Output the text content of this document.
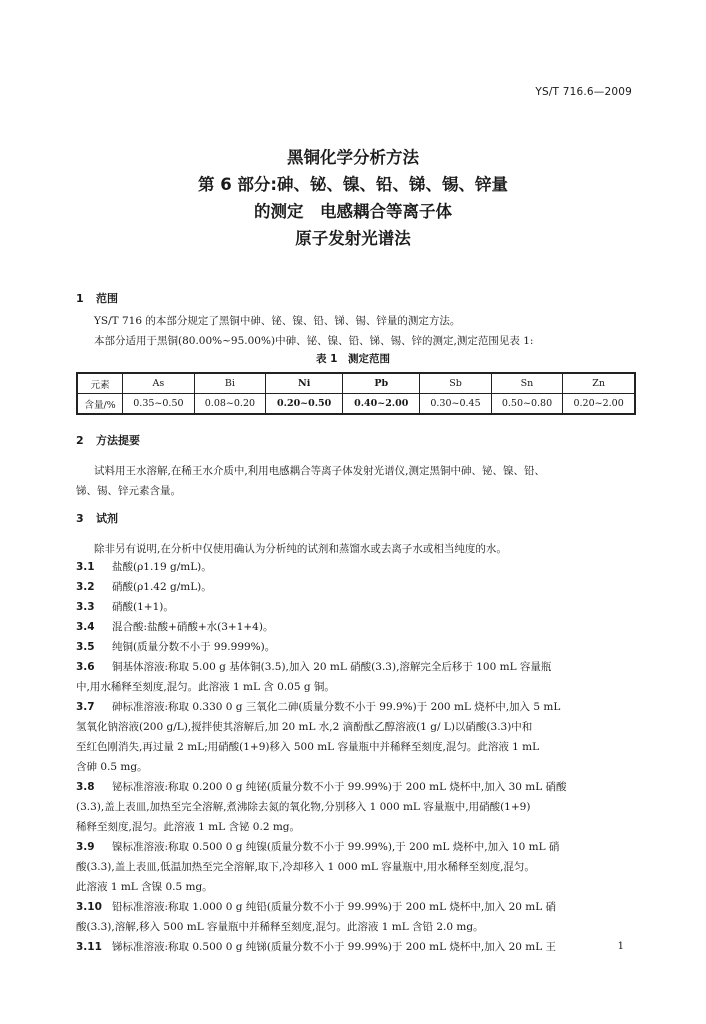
YS/T 716.6—2009
黑铜化学分析方法
第 6 部分:砷、铋、镍、铅、锑、锡、锌量
的测定　电感耦合等离子体
原子发射光谱法
1 范围
YS/T 716 的本部分规定了黑铜中砷、铋、镍、铅、锑、锡、锌量的测定方法。
本部分适用于黑铜(80.00%~95.00%)中砷、铋、镍、铅、锑、锡、锌的测定,测定范围见表 1:
表 1　测定范围
元素	As	Bi	Ni	Pb	Sb	Sn	Zn
含量/%	0.35~0.50	0.08~0.20	0.20~0.50	0.40~2.00	0.30~0.45	0.50~0.80	0.20~2.00
2 方法提要
试料用王水溶解,在稀王水介质中,利用电感耦合等离子体发射光谱仪,测定黑铜中砷、铋、镍、铅、
锑、锡、锌元素含量。
3 试剂
除非另有说明,在分析中仅使用确认为分析纯的试剂和蒸馏水或去离子水或相当纯度的水。
3.1 盐酸(ρ1.19 g/mL)。
3.2 硝酸(ρ1.42 g/mL)。
3.3 硝酸(1+1)。
3.4 混合酸:盐酸+硝酸+水(3+1+4)。
3.5 纯铜(质量分数不小于 99.999%)。
3.6 铜基体溶液:称取 5.00 g 基体铜(3.5),加入 20 mL 硝酸(3.3),溶解完全后移于 100 mL 容量瓶
中,用水稀释至刻度,混匀。此溶液 1 mL 含 0.05 g 铜。
3.7 砷标准溶液:称取 0.330 0 g 三氧化二砷(质量分数不小于 99.9%)于 200 mL 烧杯中,加入 5 mL
氢氧化钠溶液(200 g/L),搅拌使其溶解后,加 20 mL 水,2 滴酚酞乙醇溶液(1 g/ L)以硝酸(3.3)中和
至红色刚消失,再过量 2 mL;用硝酸(1+9)移入 500 mL 容量瓶中并稀释至刻度,混匀。此溶液 1 mL
含砷 0.5 mg。
3.8 铋标准溶液:称取 0.200 0 g 纯铋(质量分数不小于 99.99%)于 200 mL 烧杯中,加入 30 mL 硝酸
(3.3),盖上表皿,加热至完全溶解,煮沸除去氮的氧化物,分别移入 1 000 mL 容量瓶中,用硝酸(1+9)
稀释至刻度,混匀。此溶液 1 mL 含铋 0.2 mg。
3.9 镍标准溶液:称取 0.500 0 g 纯镍(质量分数不小于 99.99%),于 200 mL 烧杯中,加入 10 mL 硝
酸(3.3),盖上表皿,低温加热至完全溶解,取下,冷却移入 1 000 mL 容量瓶中,用水稀释至刻度,混匀。
此溶液 1 mL 含镍 0.5 mg。
3.10 铅标准溶液:称取 1.000 0 g 纯铅(质量分数不小于 99.99%)于 200 mL 烧杯中,加入 20 mL 硝
酸(3.3),溶解,移入 500 mL 容量瓶中并稀释至刻度,混匀。此溶液 1 mL 含铅 2.0 mg。
3.11 锑标准溶液:称取 0.500 0 g 纯锑(质量分数不小于 99.99%)于 200 mL 烧杯中,加入 20 mL 王	1
